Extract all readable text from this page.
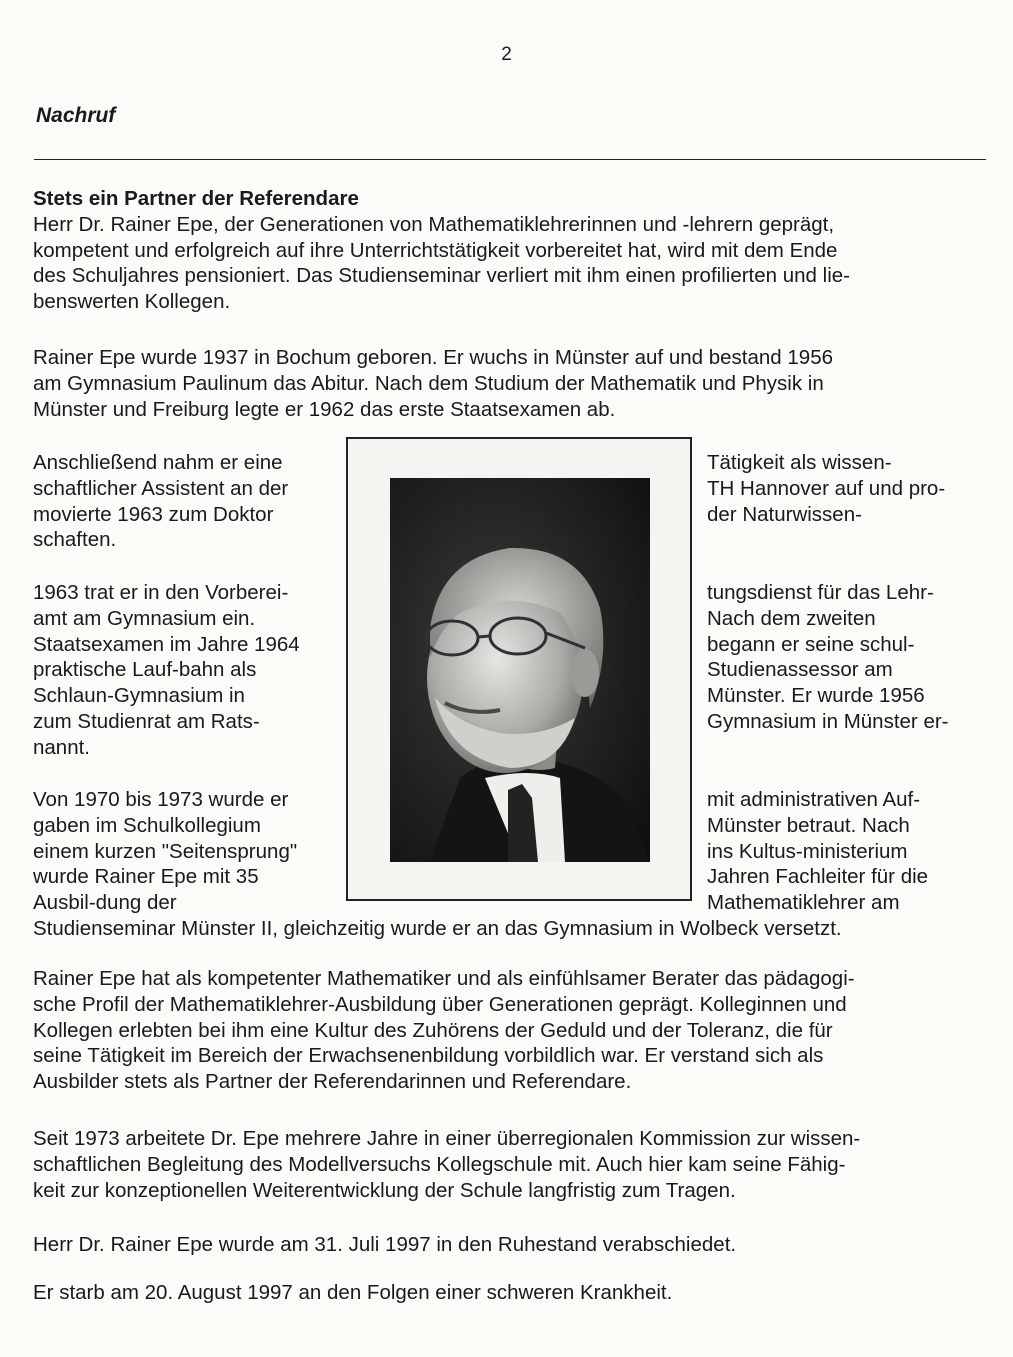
2
Nachruf
Stets ein Partner der Referendare
Herr Dr. Rainer Epe, der Generationen von Mathematiklehrerinnen und -lehrern geprägt,
kompetent und erfolgreich auf ihre Unterrichtstätigkeit vorbereitet hat, wird mit dem Ende
des Schuljahres pensioniert. Das Studienseminar verliert mit ihm einen profilierten und lie-
benswerten Kollegen.
Rainer Epe wurde 1937 in Bochum geboren. Er wuchs in Münster auf und bestand 1956
am Gymnasium Paulinum das Abitur. Nach dem Studium der Mathematik und Physik in
Münster und Freiburg legte er 1962 das erste Staatsexamen ab.
Anschließend nahm er eine
schaftlicher Assistent an der
movierte 1963 zum Doktor
schaften.
Tätigkeit als wissen-
TH Hannover auf und pro-
der Naturwissen-
1963 trat er in den Vorberei-
amt am Gymnasium ein.
Staatsexamen im Jahre 1964
praktische Lauf-bahn als
Schlaun-Gymnasium in
zum Studienrat am Rats-
nannt.
tungsdienst für das Lehr-
Nach dem zweiten
begann er seine schul-
Studienassessor am
Münster. Er wurde 1956
Gymnasium in Münster er-
Von 1970 bis 1973 wurde er
gaben im Schulkollegium
einem kurzen "Seitensprung"
wurde Rainer Epe mit 35
Ausbil-dung der
mit administrativen Auf-
Münster betraut. Nach
ins Kultus-ministerium
Jahren Fachleiter für die
Mathematiklehrer am
Studienseminar Münster II, gleichzeitig wurde er an das Gymnasium in Wolbeck versetzt.
Rainer Epe hat als kompetenter Mathematiker und als einfühlsamer Berater das pädagogi-
sche Profil der Mathematiklehrer-Ausbildung über Generationen geprägt. Kolleginnen und
Kollegen erlebten bei ihm eine Kultur des Zuhörens der Geduld und der Toleranz, die für
seine Tätigkeit im Bereich der Erwachsenenbildung vorbildlich war. Er verstand sich als
Ausbilder stets als Partner der Referendarinnen und Referendare.
Seit 1973 arbeitete Dr. Epe mehrere Jahre in einer überregionalen Kommission zur wissen-
schaftlichen Begleitung des Modellversuchs Kollegschule mit. Auch hier kam seine Fähig-
keit zur konzeptionellen Weiterentwicklung der Schule langfristig zum Tragen.
Herr Dr. Rainer Epe wurde am 31. Juli 1997 in den Ruhestand verabschiedet.
Er starb am 20. August 1997 an den Folgen einer schweren Krankheit.
